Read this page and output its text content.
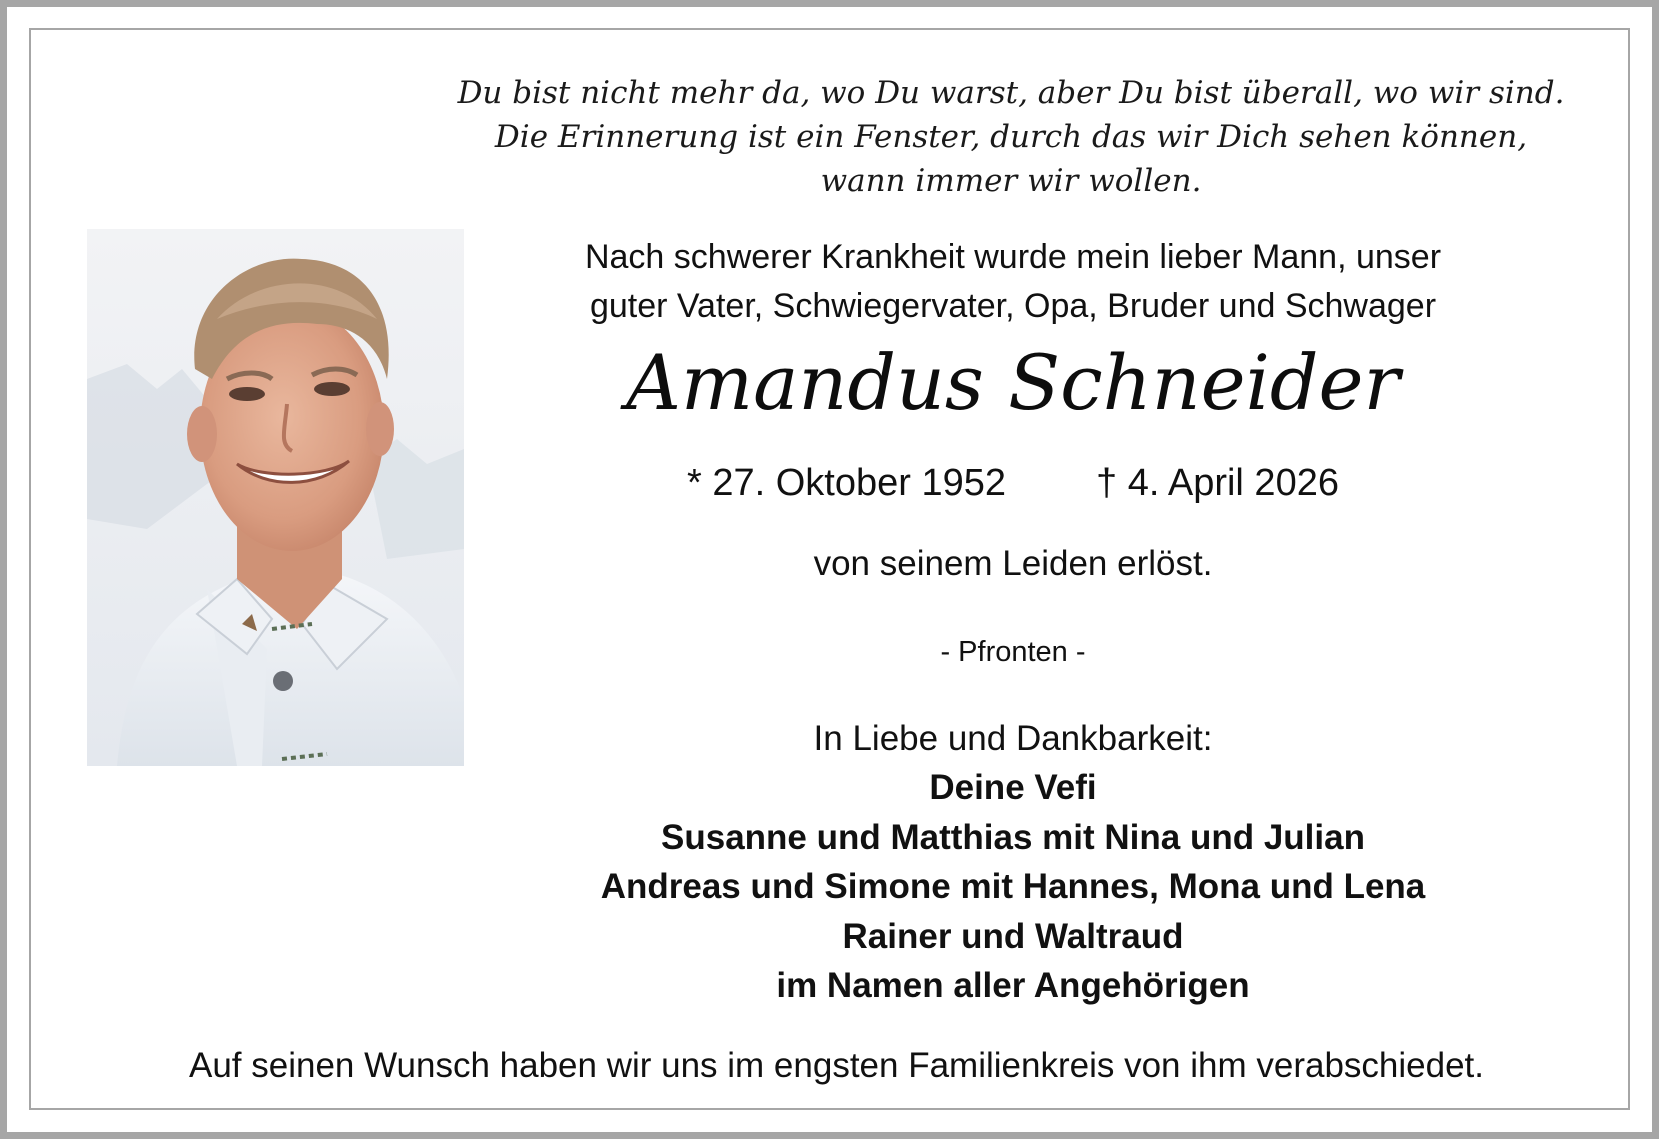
Du bist nicht mehr da, wo Du warst, aber Du bist überall, wo wir sind.
Die Erinnerung ist ein Fenster, durch das wir Dich sehen können,
wann immer wir wollen.
Nach schwerer Krankheit wurde mein lieber Mann, unser
guter Vater, Schwiegervater, Opa, Bruder und Schwager
Amandus Schneider
* 27. Oktober 1952 † 4. April 2026
von seinem Leiden erlöst.
- Pfronten -
In Liebe und Dankbarkeit:
Deine Vefi
Susanne und Matthias mit Nina und Julian
Andreas und Simone mit Hannes, Mona und Lena
Rainer und Waltraud
im Namen aller Angehörigen
Auf seinen Wunsch haben wir uns im engsten Familienkreis von ihm verabschiedet.
